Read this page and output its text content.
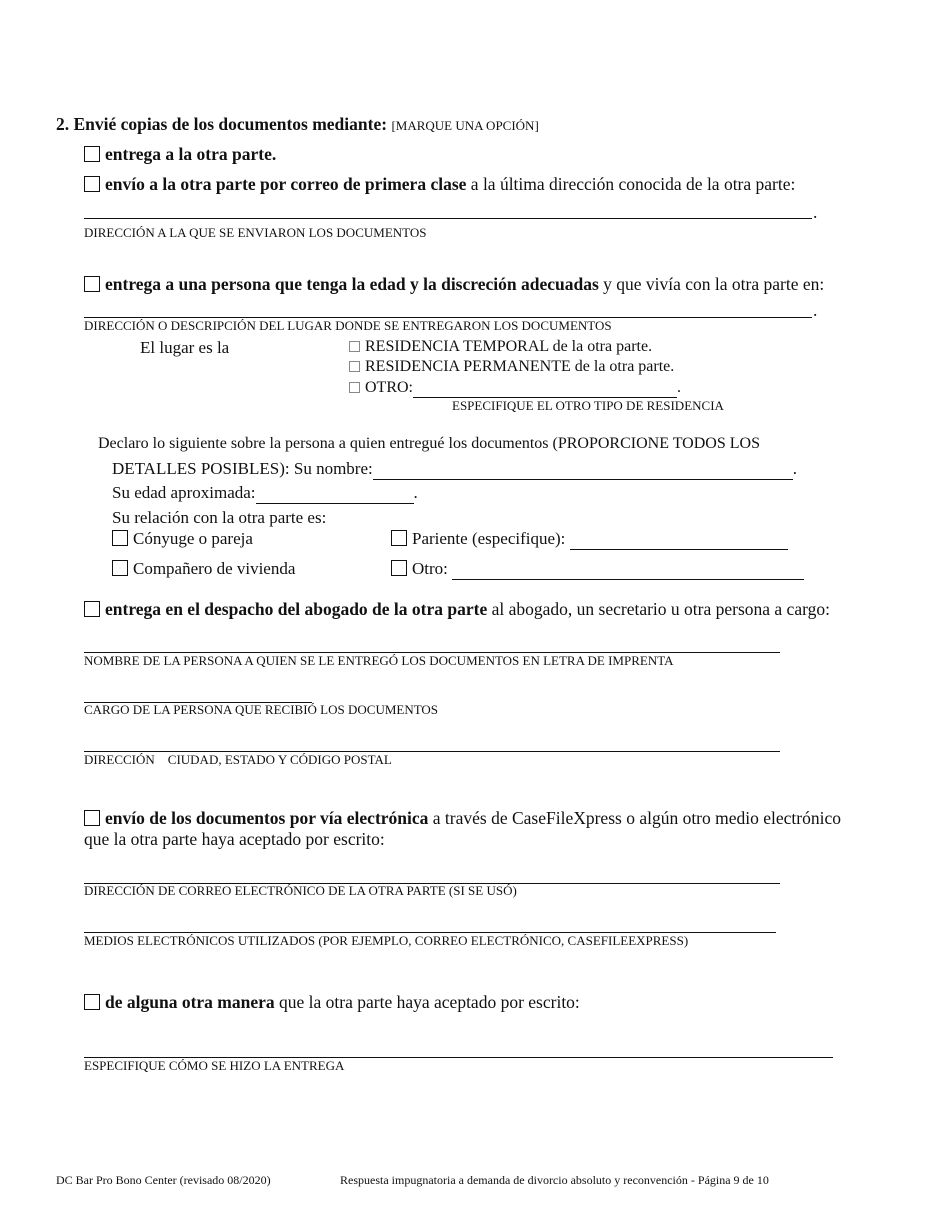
2. Envié copias de los documentos mediante: [MARQUE UNA OPCIÓN]
entrega a la otra parte.
envío a la otra parte por correo de primera clase a la última dirección conocida de la otra parte:
.
DIRECCIÓN A LA QUE SE ENVIARON LOS DOCUMENTOS
entrega a una persona que tenga la edad y la discreción adecuadas y que vivía con la otra parte en:
.
DIRECCIÓN O DESCRIPCIÓN DEL LUGAR DONDE SE ENTREGARON LOS DOCUMENTOS
El lugar es la	RESIDENCIA TEMPORAL de la otra parte.
RESIDENCIA PERMANENTE de la otra parte.
OTRO:	.
ESPECIFIQUE EL OTRO TIPO DE RESIDENCIA
Declaro lo siguiente sobre la persona a quien entregué los documentos (PROPORCIONE TODOS LOS
DETALLES POSIBLES): Su nombre:	.
Su edad aproximada:	.
Su relación con la otra parte es:
Cónyuge o pareja	Pariente (especifique):
Compañero de vivienda	Otro:
entrega en el despacho del abogado de la otra parte al abogado, un secretario u otra persona a cargo:
NOMBRE DE LA PERSONA A QUIEN SE LE ENTREGÓ LOS DOCUMENTOS EN LETRA DE IMPRENTA
CARGO DE LA PERSONA QUE RECIBIÓ LOS DOCUMENTOS
DIRECCIÓN    CIUDAD, ESTADO Y CÓDIGO POSTAL
envío de los documentos por vía electrónica a través de CaseFileXpress o algún otro medio electrónico
que la otra parte haya aceptado por escrito:
DIRECCIÓN DE CORREO ELECTRÓNICO DE LA OTRA PARTE (SI SE USÓ)
MEDIOS ELECTRÓNICOS UTILIZADOS (POR EJEMPLO, CORREO ELECTRÓNICO, CASEFILEEXPRESS)
de alguna otra manera que la otra parte haya aceptado por escrito:
ESPECIFIQUE CÓMO SE HIZO LA ENTREGA
DC Bar Pro Bono Center (revisado 08/2020)	Respuesta impugnatoria a demanda de divorcio absoluto y reconvención - Página 9 de 10
